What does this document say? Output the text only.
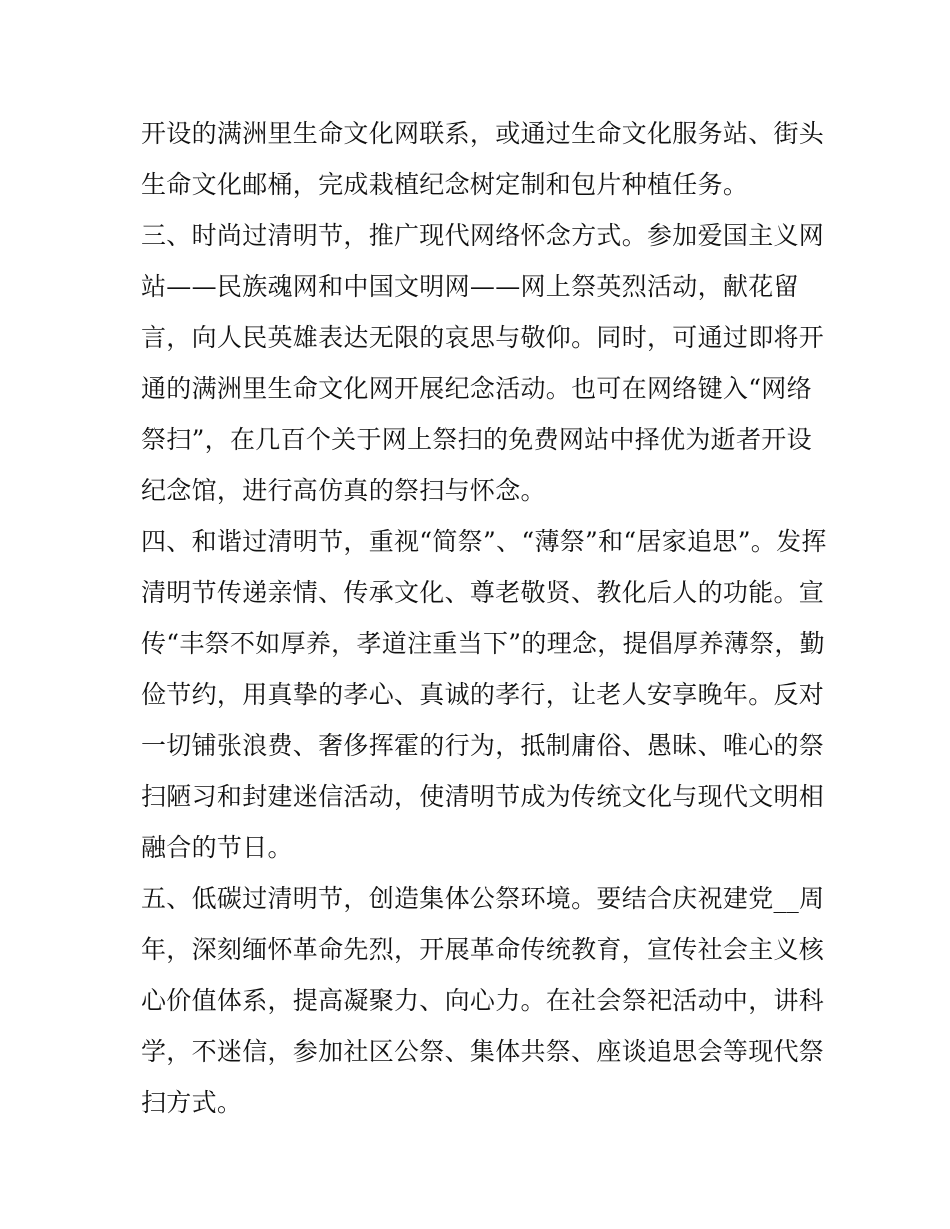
开设的满洲里生命文化网联系，或通过生命文化服务站、街头
生命文化邮桶，完成栽植纪念树定制和包片种植任务。
三、时尚过清明节，推广现代网络怀念方式。参加爱国主义网
站——民族魂网和中国文明网——网上祭英烈活动，献花留
言，向人民英雄表达无限的哀思与敬仰。同时，可通过即将开
通的满洲里生命文化网开展纪念活动。也可在网络键入“网络
祭扫”，在几百个关于网上祭扫的免费网站中择优为逝者开设
纪念馆，进行高仿真的祭扫与怀念。
四、和谐过清明节，重视“简祭”、“薄祭”和“居家追思”。发挥
清明节传递亲情、传承文化、尊老敬贤、教化后人的功能。宣
传“丰祭不如厚养，孝道注重当下”的理念，提倡厚养薄祭，勤
俭节约，用真挚的孝心、真诚的孝行，让老人安享晚年。反对
一切铺张浪费、奢侈挥霍的行为，抵制庸俗、愚昧、唯心的祭
扫陋习和封建迷信活动，使清明节成为传统文化与现代文明相
融合的节日。
五、低碳过清明节，创造集体公祭环境。要结合庆祝建党__周
年，深刻缅怀革命先烈，开展革命传统教育，宣传社会主义核
心价值体系，提高凝聚力、向心力。在社会祭祀活动中，讲科
学，不迷信，参加社区公祭、集体共祭、座谈追思会等现代祭
扫方式。
